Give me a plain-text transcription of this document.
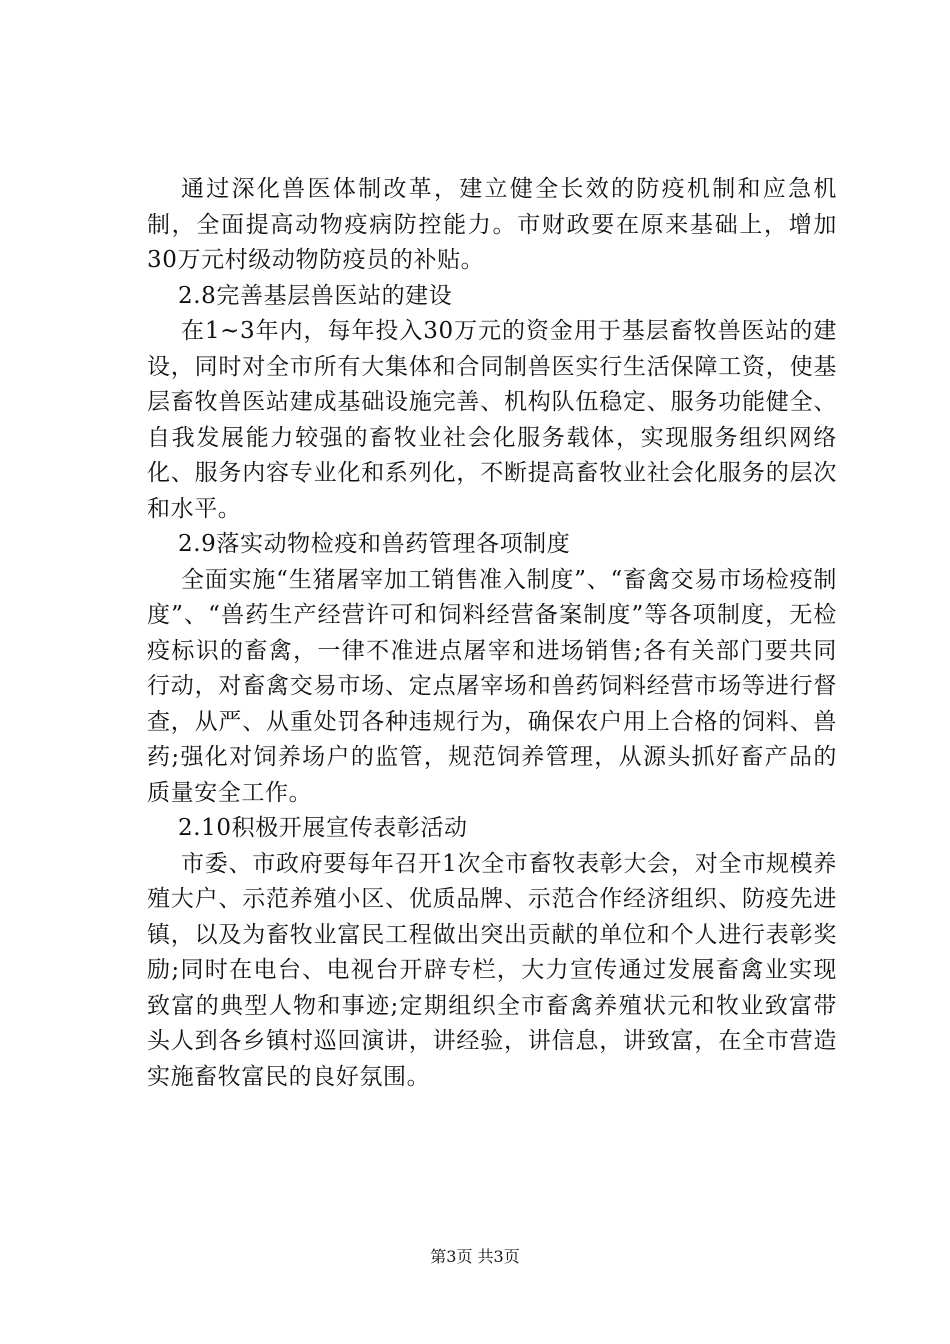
通过深化兽医体制改革，建立健全长效的防疫机制和应急机制，全面提高动物疫病防控能力。市财政要在原来基础上，增加30万元村级动物防疫员的补贴。

2.8完善基层兽医站的建设

在1~3年内，每年投入30万元的资金用于基层畜牧兽医站的建设，同时对全市所有大集体和合同制兽医实行生活保障工资，使基层畜牧兽医站建成基础设施完善、机构队伍稳定、服务功能健全、自我发展能力较强的畜牧业社会化服务载体，实现服务组织网络化、服务内容专业化和系列化，不断提高畜牧业社会化服务的层次和水平。

2.9落实动物检疫和兽药管理各项制度

全面实施“生猪屠宰加工销售准入制度”、“畜禽交易市场检疫制度”、“兽药生产经营许可和饲料经营备案制度”等各项制度，无检疫标识的畜禽，一律不准进点屠宰和进场销售;各有关部门要共同行动，对畜禽交易市场、定点屠宰场和兽药饲料经营市场等进行督查，从严、从重处罚各种违规行为，确保农户用上合格的饲料、兽药;强化对饲养场户的监管，规范饲养管理，从源头抓好畜产品的质量安全工作。

2.10积极开展宣传表彰活动

市委、市政府要每年召开1次全市畜牧表彰大会，对全市规模养殖大户、示范养殖小区、优质品牌、示范合作经济组织、防疫先进镇，以及为畜牧业富民工程做出突出贡献的单位和个人进行表彰奖励;同时在电台、电视台开辟专栏，大力宣传通过发展畜禽业实现致富的典型人物和事迹;定期组织全市畜禽养殖状元和牧业致富带头人到各乡镇村巡回演讲，讲经验，讲信息，讲致富，在全市营造实施畜牧富民的良好氛围。

第3页 共3页
